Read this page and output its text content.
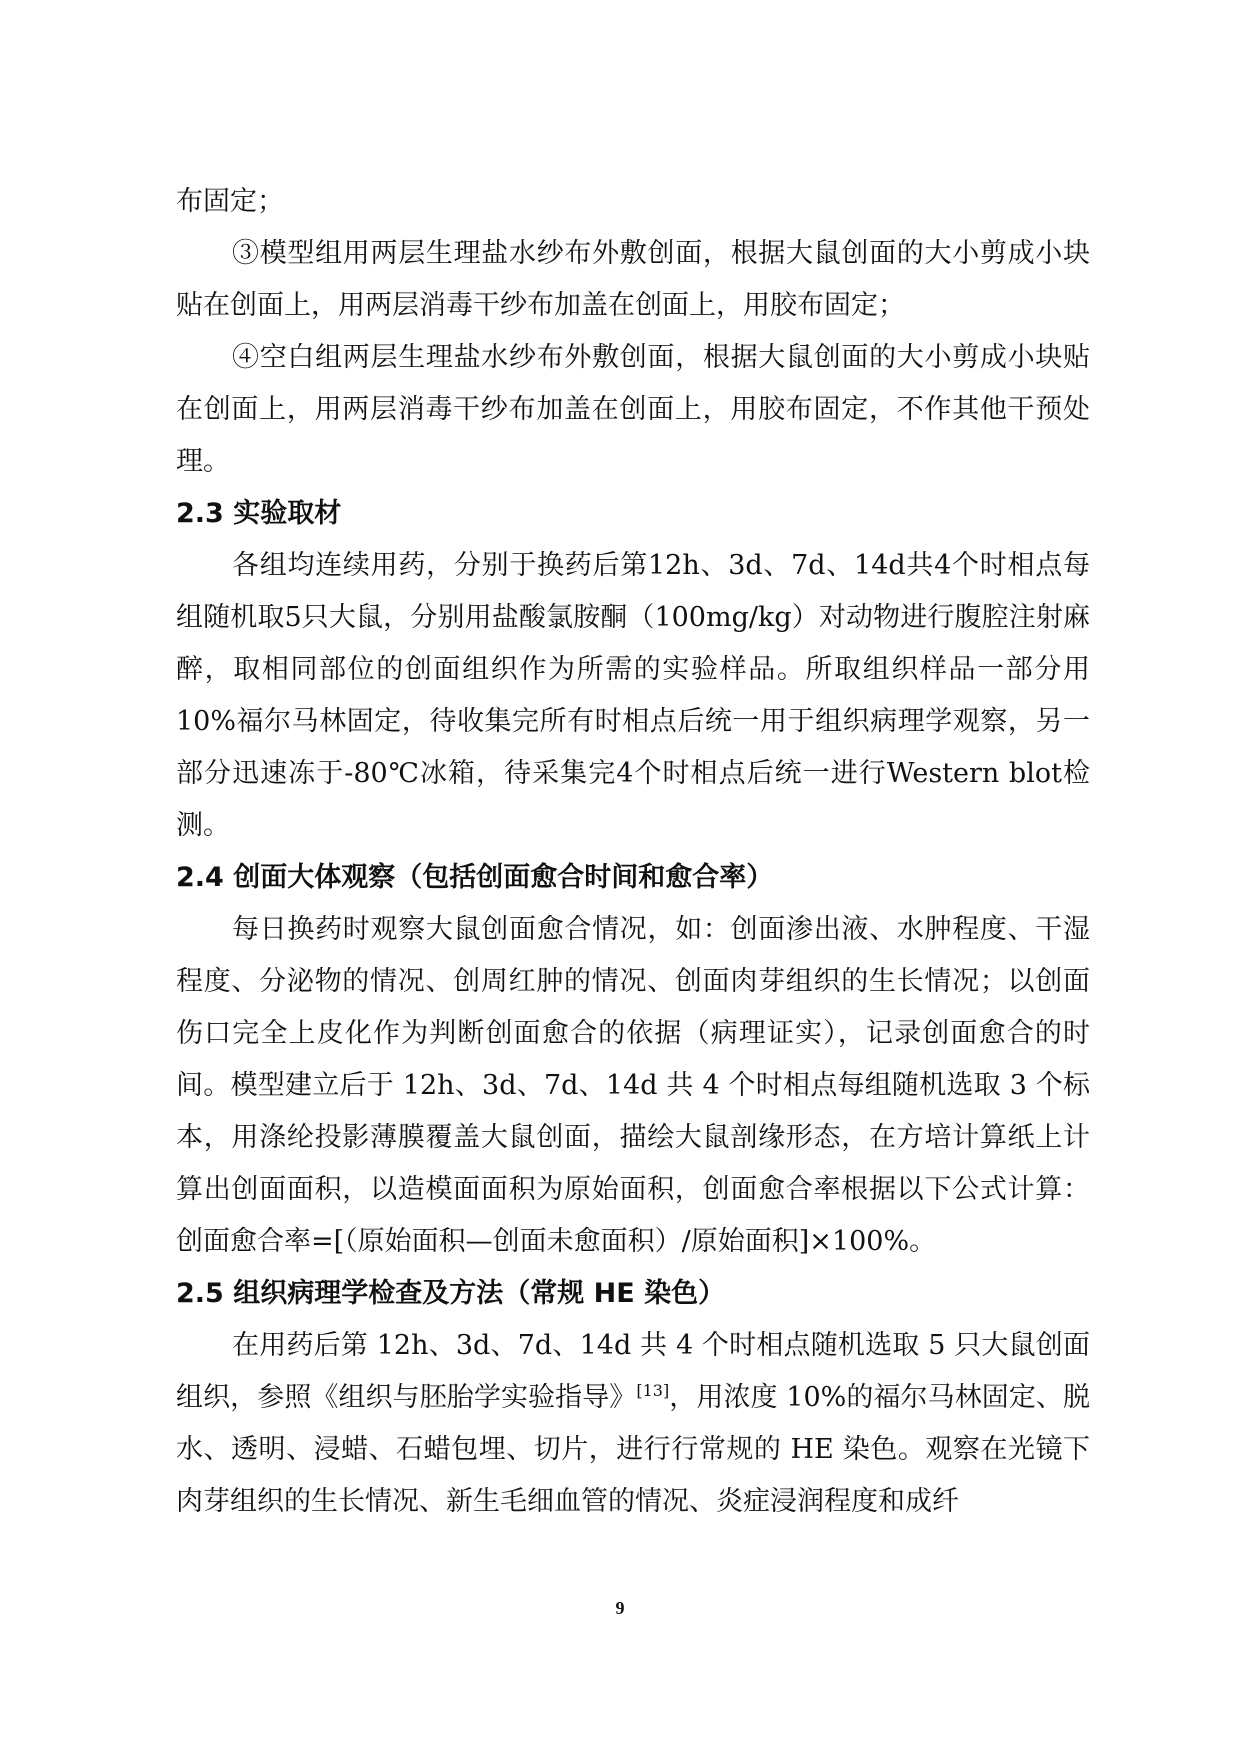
布固定；

③模型组用两层生理盐水纱布外敷创面，根据大鼠创面的大小剪成小块贴在创面上，用两层消毒干纱布加盖在创面上，用胶布固定；

④空白组两层生理盐水纱布外敷创面，根据大鼠创面的大小剪成小块贴在创面上，用两层消毒干纱布加盖在创面上，用胶布固定，不作其他干预处理。

2.3 实验取材

各组均连续用药，分别于换药后第12h、3d、7d、14d共4个时相点每组随机取5只大鼠，分别用盐酸氯胺酮（100mg/kg）对动物进行腹腔注射麻醉，取相同部位的创面组织作为所需的实验样品。所取组织样品一部分用10%福尔马林固定，待收集完所有时相点后统一用于组织病理学观察，另一部分迅速冻于-80℃冰箱，待采集完4个时相点后统一进行Western blot检测。

2.4 创面大体观察（包括创面愈合时间和愈合率）

每日换药时观察大鼠创面愈合情况，如：创面渗出液、水肿程度、干湿程度、分泌物的情况、创周红肿的情况、创面肉芽组织的生长情况；以创面伤口完全上皮化作为判断创面愈合的依据（病理证实），记录创面愈合的时间。模型建立后于 12h、3d、7d、14d 共 4 个时相点每组随机选取 3 个标本，用涤纶投影薄膜覆盖大鼠创面，描绘大鼠剖缘形态，在方培计算纸上计算出创面面积，以造模面面积为原始面积，创面愈合率根据以下公式计算：创面愈合率=[（原始面积—创面未愈面积）/原始面积]×100%。

2.5 组织病理学检查及方法（常规 HE 染色）

在用药后第 12h、3d、7d、14d 共 4 个时相点随机选取 5 只大鼠创面组织，参照《组织与胚胎学实验指导》[13]，用浓度 10%的福尔马林固定、脱水、透明、浸蜡、石蜡包埋、切片，进行行常规的 HE 染色。观察在光镜下肉芽组织的生长情况、新生毛细血管的情况、炎症浸润程度和成纤

9
